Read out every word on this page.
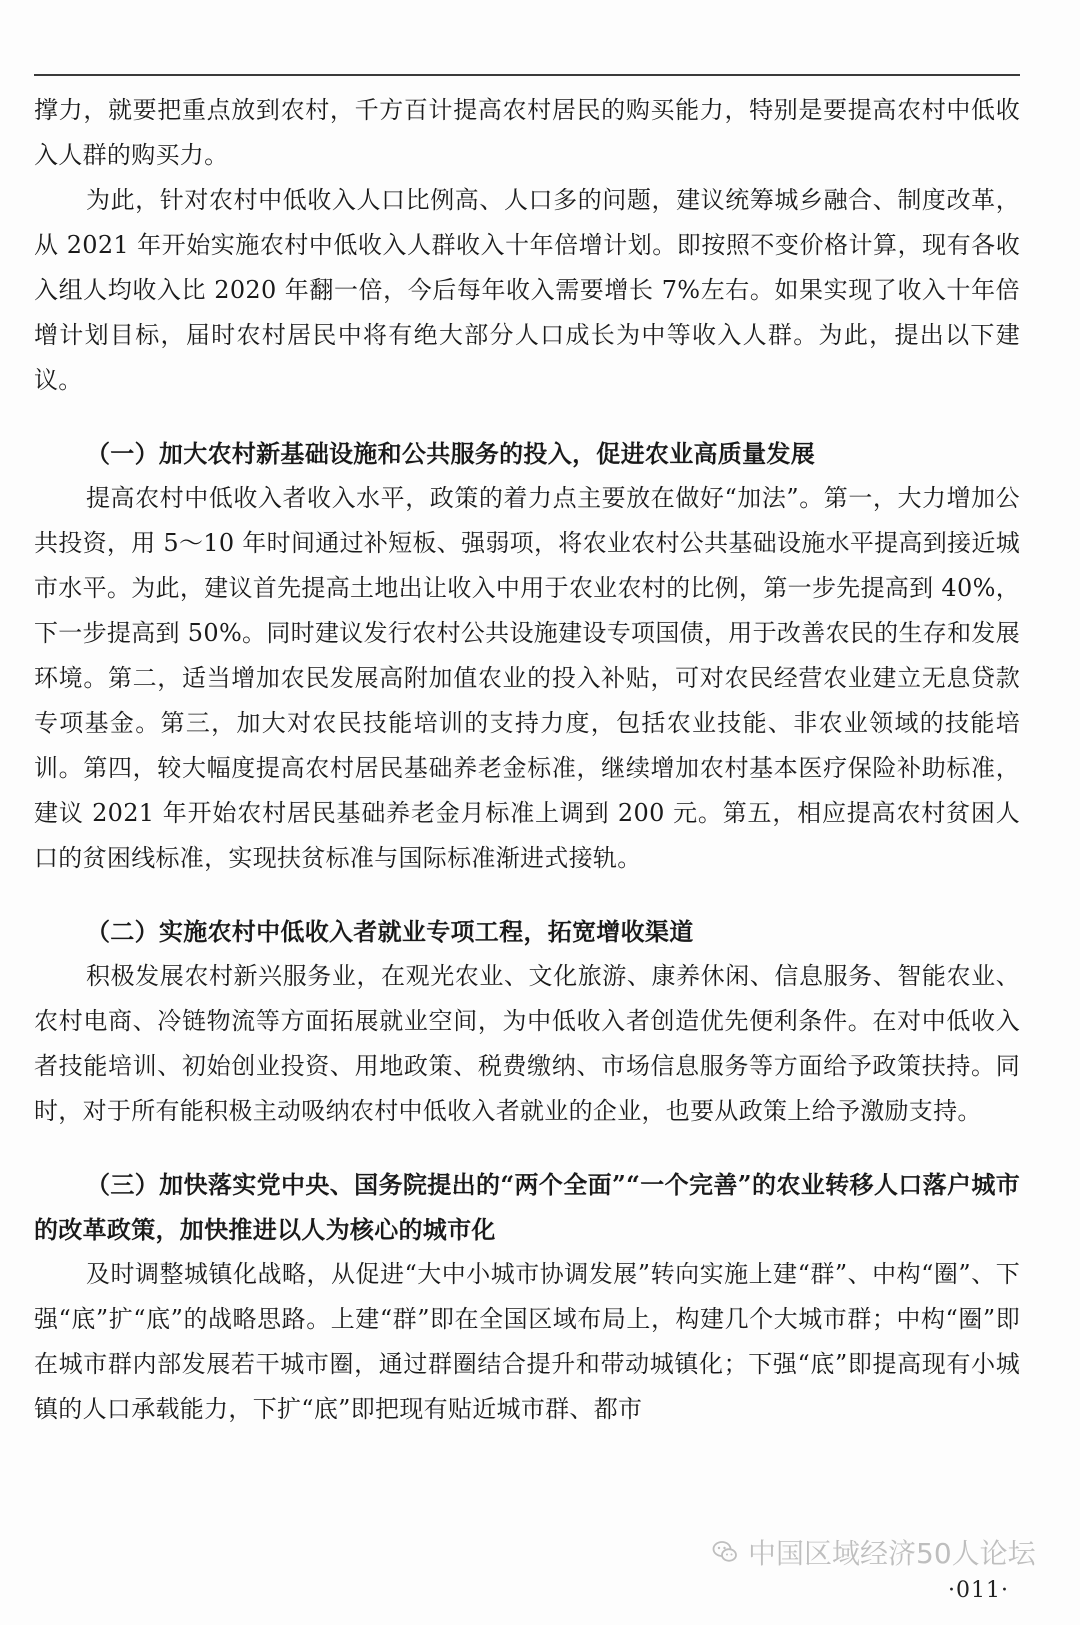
撑力，就要把重点放到农村，千方百计提高农村居民的购买能力，特别是要提高农村中低收入人群的购买力。

为此，针对农村中低收入人口比例高、人口多的问题，建议统筹城乡融合、制度改革，从 2021 年开始实施农村中低收入人群收入十年倍增计划。即按照不变价格计算，现有各收入组人均收入比 2020 年翻一倍，今后每年收入需要增长 7%左右。如果实现了收入十年倍增计划目标，届时农村居民中将有绝大部分人口成长为中等收入人群。为此，提出以下建议。

（一）加大农村新基础设施和公共服务的投入，促进农业高质量发展

提高农村中低收入者收入水平，政策的着力点主要放在做好“加法”。第一，大力增加公共投资，用 5～10 年时间通过补短板、强弱项，将农业农村公共基础设施水平提高到接近城市水平。为此，建议首先提高土地出让收入中用于农业农村的比例，第一步先提高到 40%，下一步提高到 50%。同时建议发行农村公共设施建设专项国债，用于改善农民的生存和发展环境。第二，适当增加农民发展高附加值农业的投入补贴，可对农民经营农业建立无息贷款专项基金。第三，加大对农民技能培训的支持力度，包括农业技能、非农业领域的技能培训。第四，较大幅度提高农村居民基础养老金标准，继续增加农村基本医疗保险补助标准，建议 2021 年开始农村居民基础养老金月标准上调到 200 元。第五，相应提高农村贫困人口的贫困线标准，实现扶贫标准与国际标准渐进式接轨。

（二）实施农村中低收入者就业专项工程，拓宽增收渠道

积极发展农村新兴服务业，在观光农业、文化旅游、康养休闲、信息服务、智能农业、农村电商、冷链物流等方面拓展就业空间，为中低收入者创造优先便利条件。在对中低收入者技能培训、初始创业投资、用地政策、税费缴纳、市场信息服务等方面给予政策扶持。同时，对于所有能积极主动吸纳农村中低收入者就业的企业，也要从政策上给予激励支持。

（三）加快落实党中央、国务院提出的“两个全面”“一个完善”的农业转移人口落户城市的改革政策，加快推进以人为核心的城市化

及时调整城镇化战略，从促进“大中小城市协调发展”转向实施上建“群”、中构“圈”、下强“底”扩“底”的战略思路。上建“群”即在全国区域布局上，构建几个大城市群；中构“圈”即在城市群内部发展若干城市圈，通过群圈结合提升和带动城镇化；下强“底”即提高现有小城镇的人口承载能力，下扩“底”即把现有贴近城市群、都市

中国区域经济50人论坛
·011·
